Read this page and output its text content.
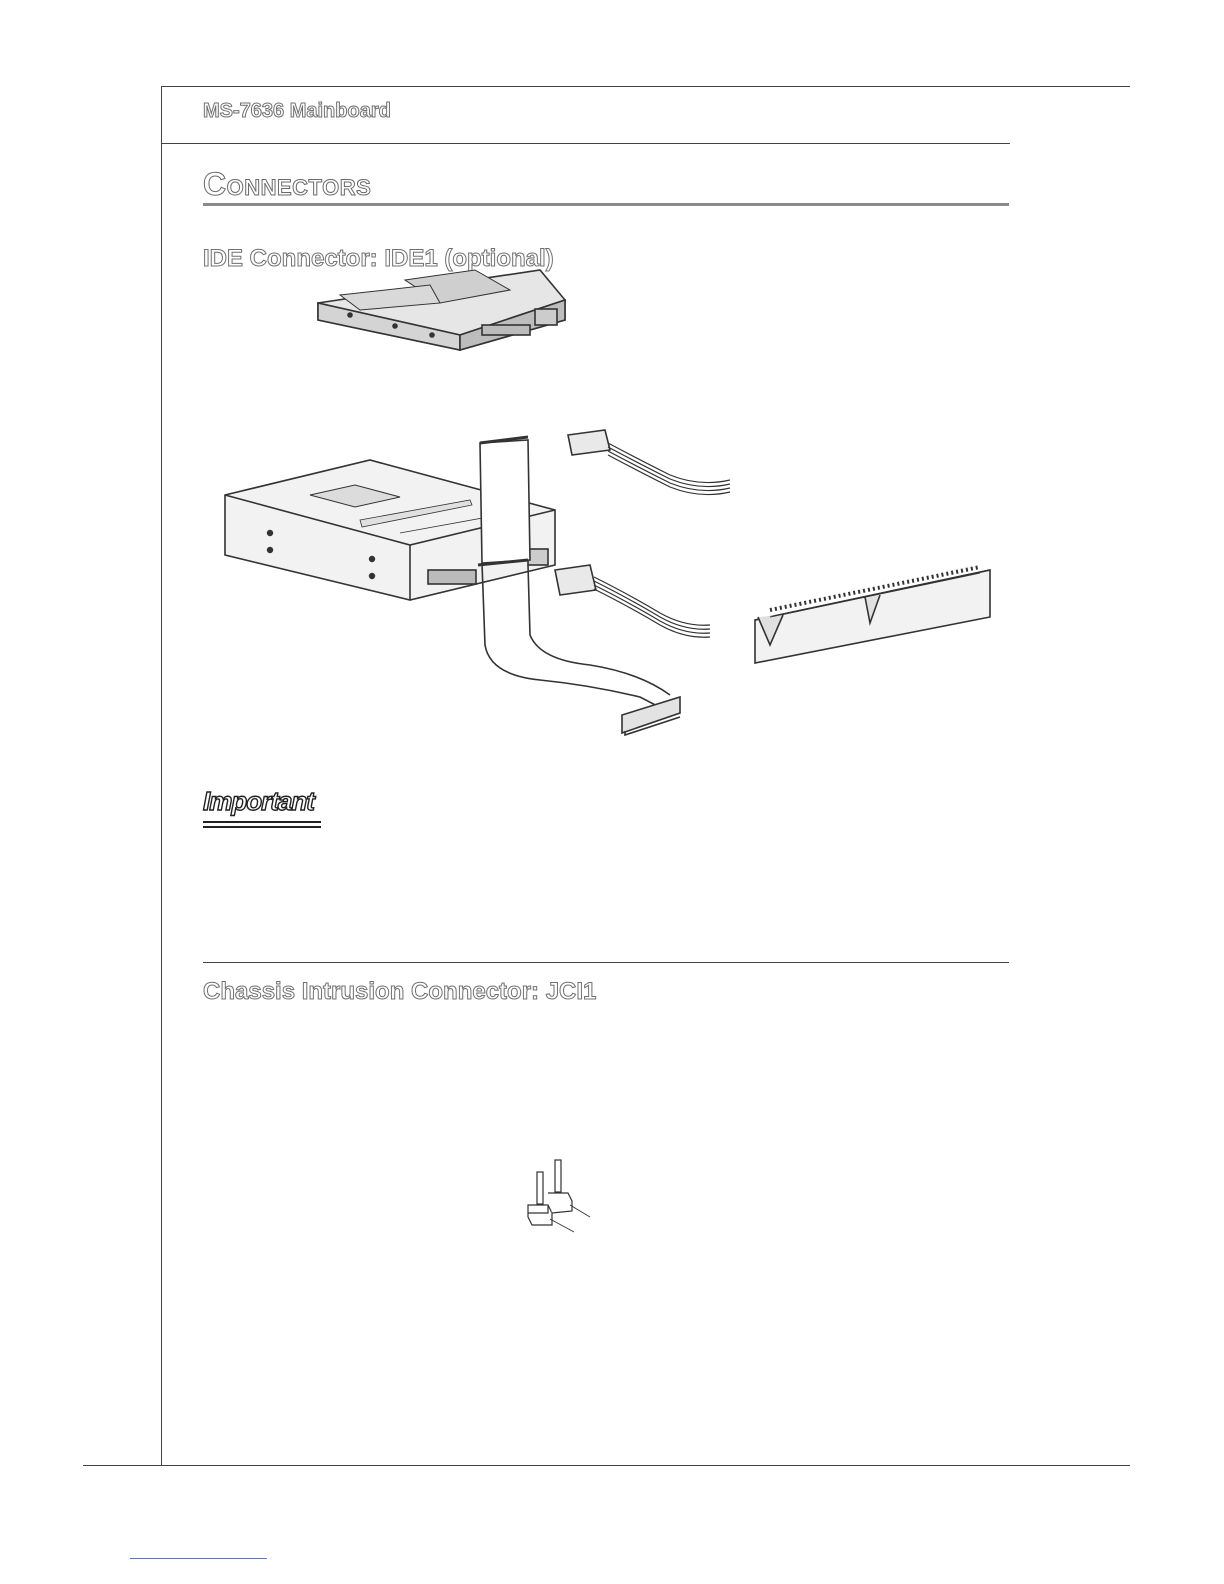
MS-7636 Mainboard
CONNECTORS
IDE Connector: IDE1 (optional)
Important
Chassis Intrusion Connector: JCI1
